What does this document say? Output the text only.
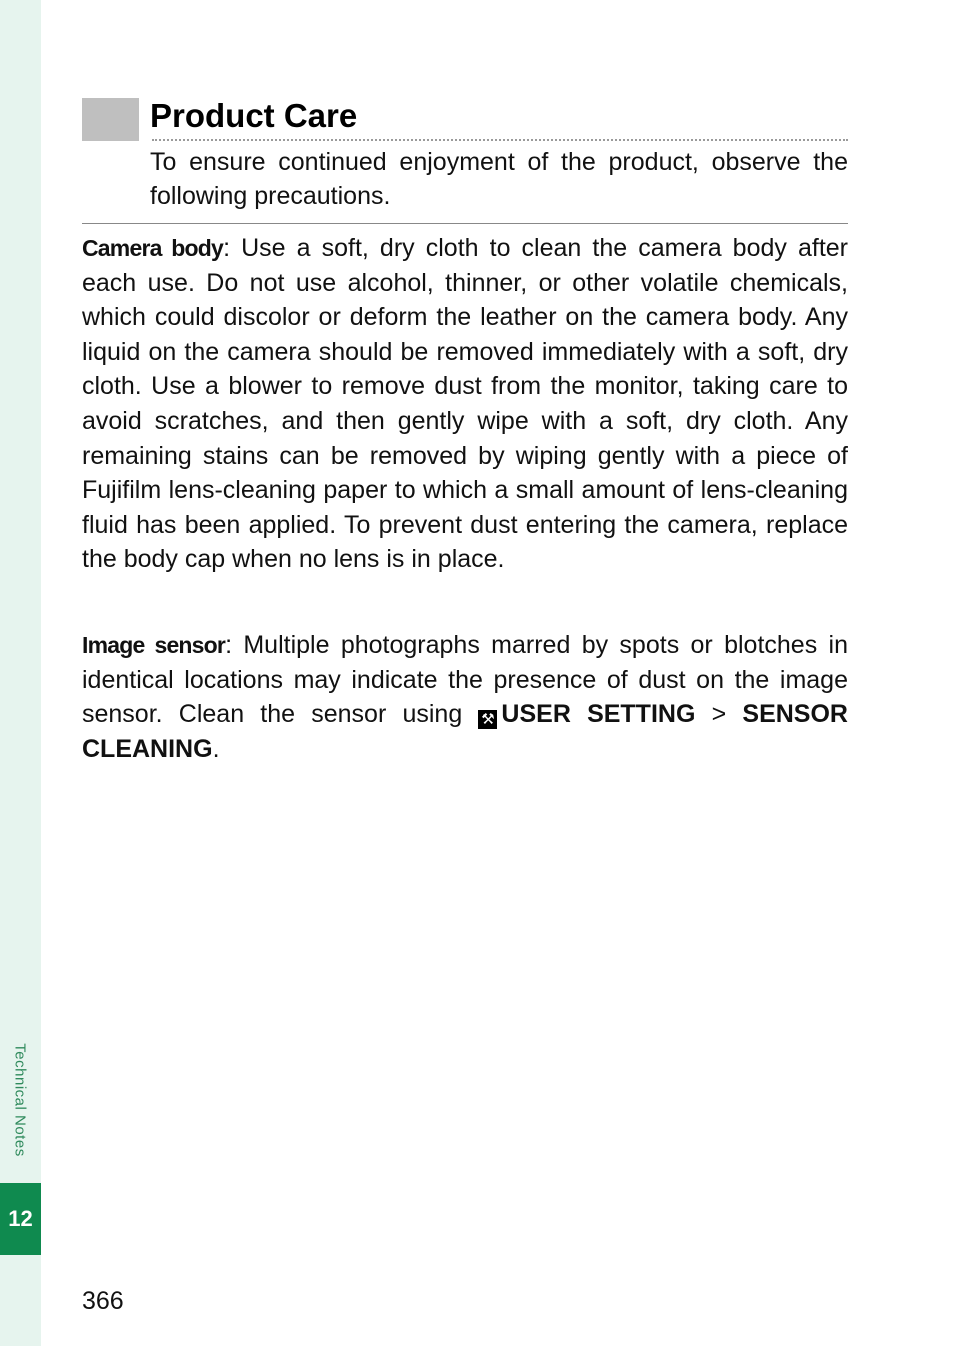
Technical Notes
12
Product Care

To ensure continued enjoyment of the product, observe the following precautions.

Camera body: Use a soft, dry cloth to clean the camera body after each use. Do not use alcohol, thinner, or other volatile chemicals, which could discolor or deform the leather on the camera body. Any liquid on the camera should be removed immediately with a soft, dry cloth. Use a blower to remove dust from the monitor, taking care to avoid scratches, and then gently wipe with a soft, dry cloth. Any remaining stains can be removed by wiping gently with a piece of Fujifilm lens-cleaning paper to which a small amount of lens-cleaning fluid has been applied. To prevent dust entering the camera, replace the body cap when no lens is in place.

Image sensor: Multiple photographs marred by spots or blotches in identical locations may indicate the presence of dust on the image sensor. Clean the sensor using ⚒ USER SETTING > SENSOR CLEANING.

366
